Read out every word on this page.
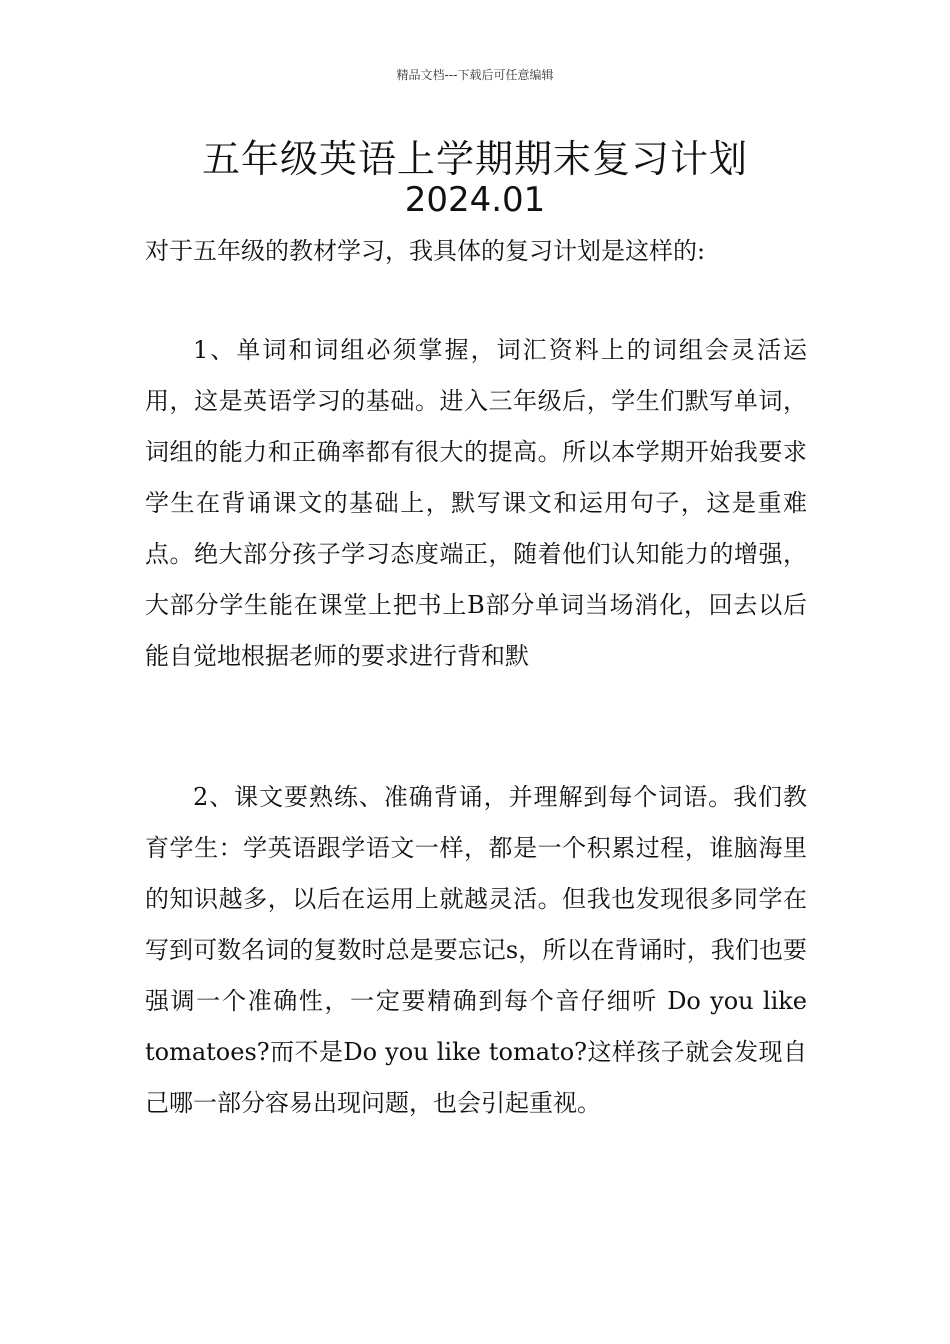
精品文档---下载后可任意编辑
五年级英语上学期期末复习计划
2024.01
对于五年级的教材学习，我具体的复习计划是这样的:
1、单词和词组必须掌握，词汇资料上的词组会灵活运用，这是英语学习的基础。进入三年级后，学生们默写单词，词组的能力和正确率都有很大的提高。所以本学期开始我要求学生在背诵课文的基础上，默写课文和运用句子，这是重难点。绝大部分孩子学习态度端正，随着他们认知能力的增强，大部分学生能在课堂上把书上B部分单词当场消化，回去以后能自觉地根据老师的要求进行背和默
2、课文要熟练、准确背诵，并理解到每个词语。我们教育学生：学英语跟学语文一样，都是一个积累过程，谁脑海里的知识越多，以后在运用上就越灵活。但我也发现很多同学在写到可数名词的复数时总是要忘记s，所以在背诵时，我们也要强调一个准确性，一定要精确到每个音仔细听 Do you like tomatoes?而不是Do you like tomato?这样孩子就会发现自己哪一部分容易出现问题，也会引起重视。
